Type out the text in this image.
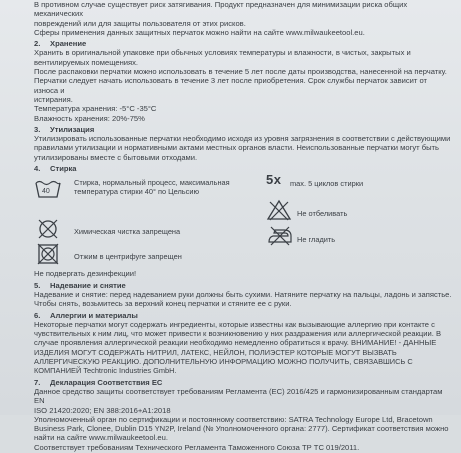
В противном случае существует риск затягивания. Продукт предназначен для минимизации риска общих механических

повреждений или для защиты пользователя от этих рисков.

Сферы применения данных защитных перчаток можно найти на сайте www.milwaukeetool.eu.

2. Хранение

Хранить в оригинальной упаковке при обычных условиях температуры и влажности, в чистых, закрытых и

вентилируемых помещениях.

После распаковки перчатки можно использовать в течение 5 лет после даты производства, нанесенной на перчатку.

Перчатки следует начать использовать в течение 3 лет после приобретения. Срок службы перчаток зависит от износа и

истирания.

Температура хранения: -5°C -35°C

Влажность хранения: 20%-75%

3. Утилизация

Утилизировать использованные перчатки необходимо исходя из уровня загрязнения в соответствии с действующими

правилами утилизации и нормативными актами местных органов власти. Неиспользованные перчатки могут быть

утилизированы вместе с бытовыми отходами.

4. Стирка

40

Стирка, нормальный процесс, максимальная

температура стирки 40° по Цельсию

5x max. 5 циклов стирки
Не отбеливать
Химическая чистка запрещена
Не гладить
Отжим в центрифуге запрещен

Не подвергать дезинфекции!

5. Надевание и снятие

Надевание и снятие: перед надеванием руки должны быть сухими. Натяните перчатку на пальцы, ладонь и запястье.

Чтобы снять, возьмитесь за верхний конец перчатки и стяните ее с руки.

6. Аллергии и материалы

Некоторые перчатки могут содержать ингредиенты, которые известны как вызывающие аллергию при контакте с

чувствительных к ним лиц, что может привести к возникновению у них раздражения или аллергической реакции. В

случае проявления аллергической реакции необходимо немедленно обратиться к врачу. ВНИМАНИЕ! - ДАННЫЕ

ИЗДЕЛИЯ МОГУТ СОДЕРЖАТЬ НИТРИЛ, ЛАТЕКС, НЕЙЛОН, ПОЛИЭСТЕР КОТОРЫЕ МОГУТ ВЫЗВАТЬ

АЛЛЕРГИЧЕСКУЮ РЕАКЦИЮ. ДОПОЛНИТЕЛЬНУЮ ИНФОРМАЦИЮ МОЖНО ПОЛУЧИТЬ, СВЯЗАВШИСЬ С

КОМПАНИЕЙ Techtronic Industries GmbH.

7. Декларация Соответствия ЕС

Данное средство защиты соответствует требованиям Регламента (ЕС) 2016/425 и гармонизированным стандартам EN

ISO 21420:2020; EN 388:2016+A1:2018

Уполномоченный орган по сертификации и постоянному соответствию: SATRA Technology Europe Ltd, Bracetown

Business Park, Clonee, Dublin D15 YN2P, Ireland (№ Уполномоченного органа: 2777). Сертификат соответствия можно

найти на сайте www.milwaukeetool.eu.

Соответствует требованиям Технического Регламента Таможенного Союза ТР ТС 019/2011.
